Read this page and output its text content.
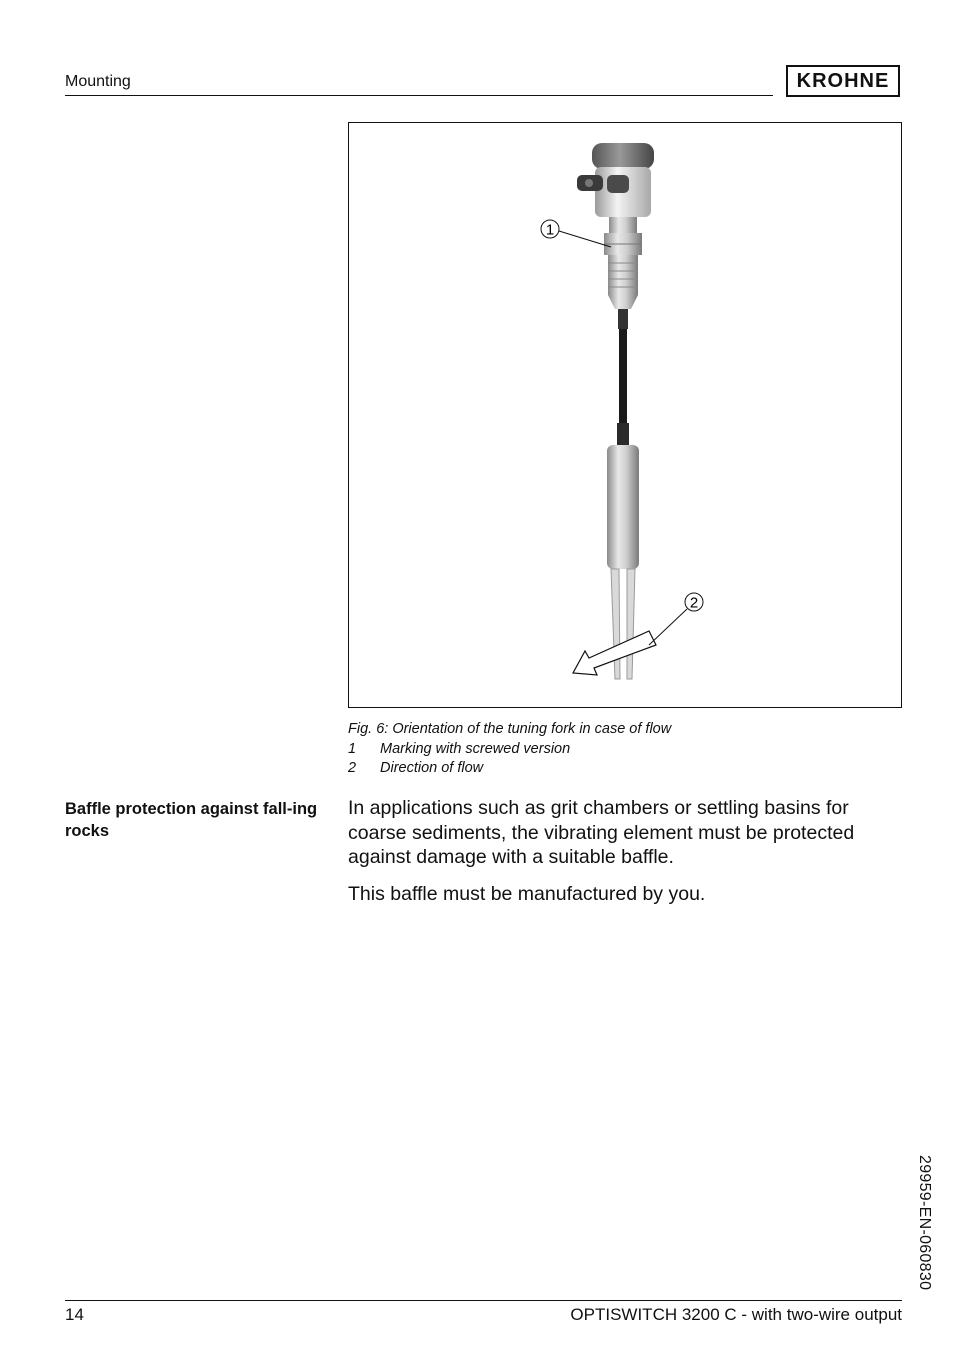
Mounting	KROHNE
1
2
Fig. 6: Orientation of the tuning fork in case of flow
1 Marking with screwed version
2 Direction of flow
Baffle protection against fall-ing rocks

In applications such as grit chambers or settling basins for coarse sediments, the vibrating element must be protected against damage with a suitable baffle.

This baffle must be manufactured by you.

29959-EN-060830
14	OPTISWITCH 3200 C - with two-wire output
